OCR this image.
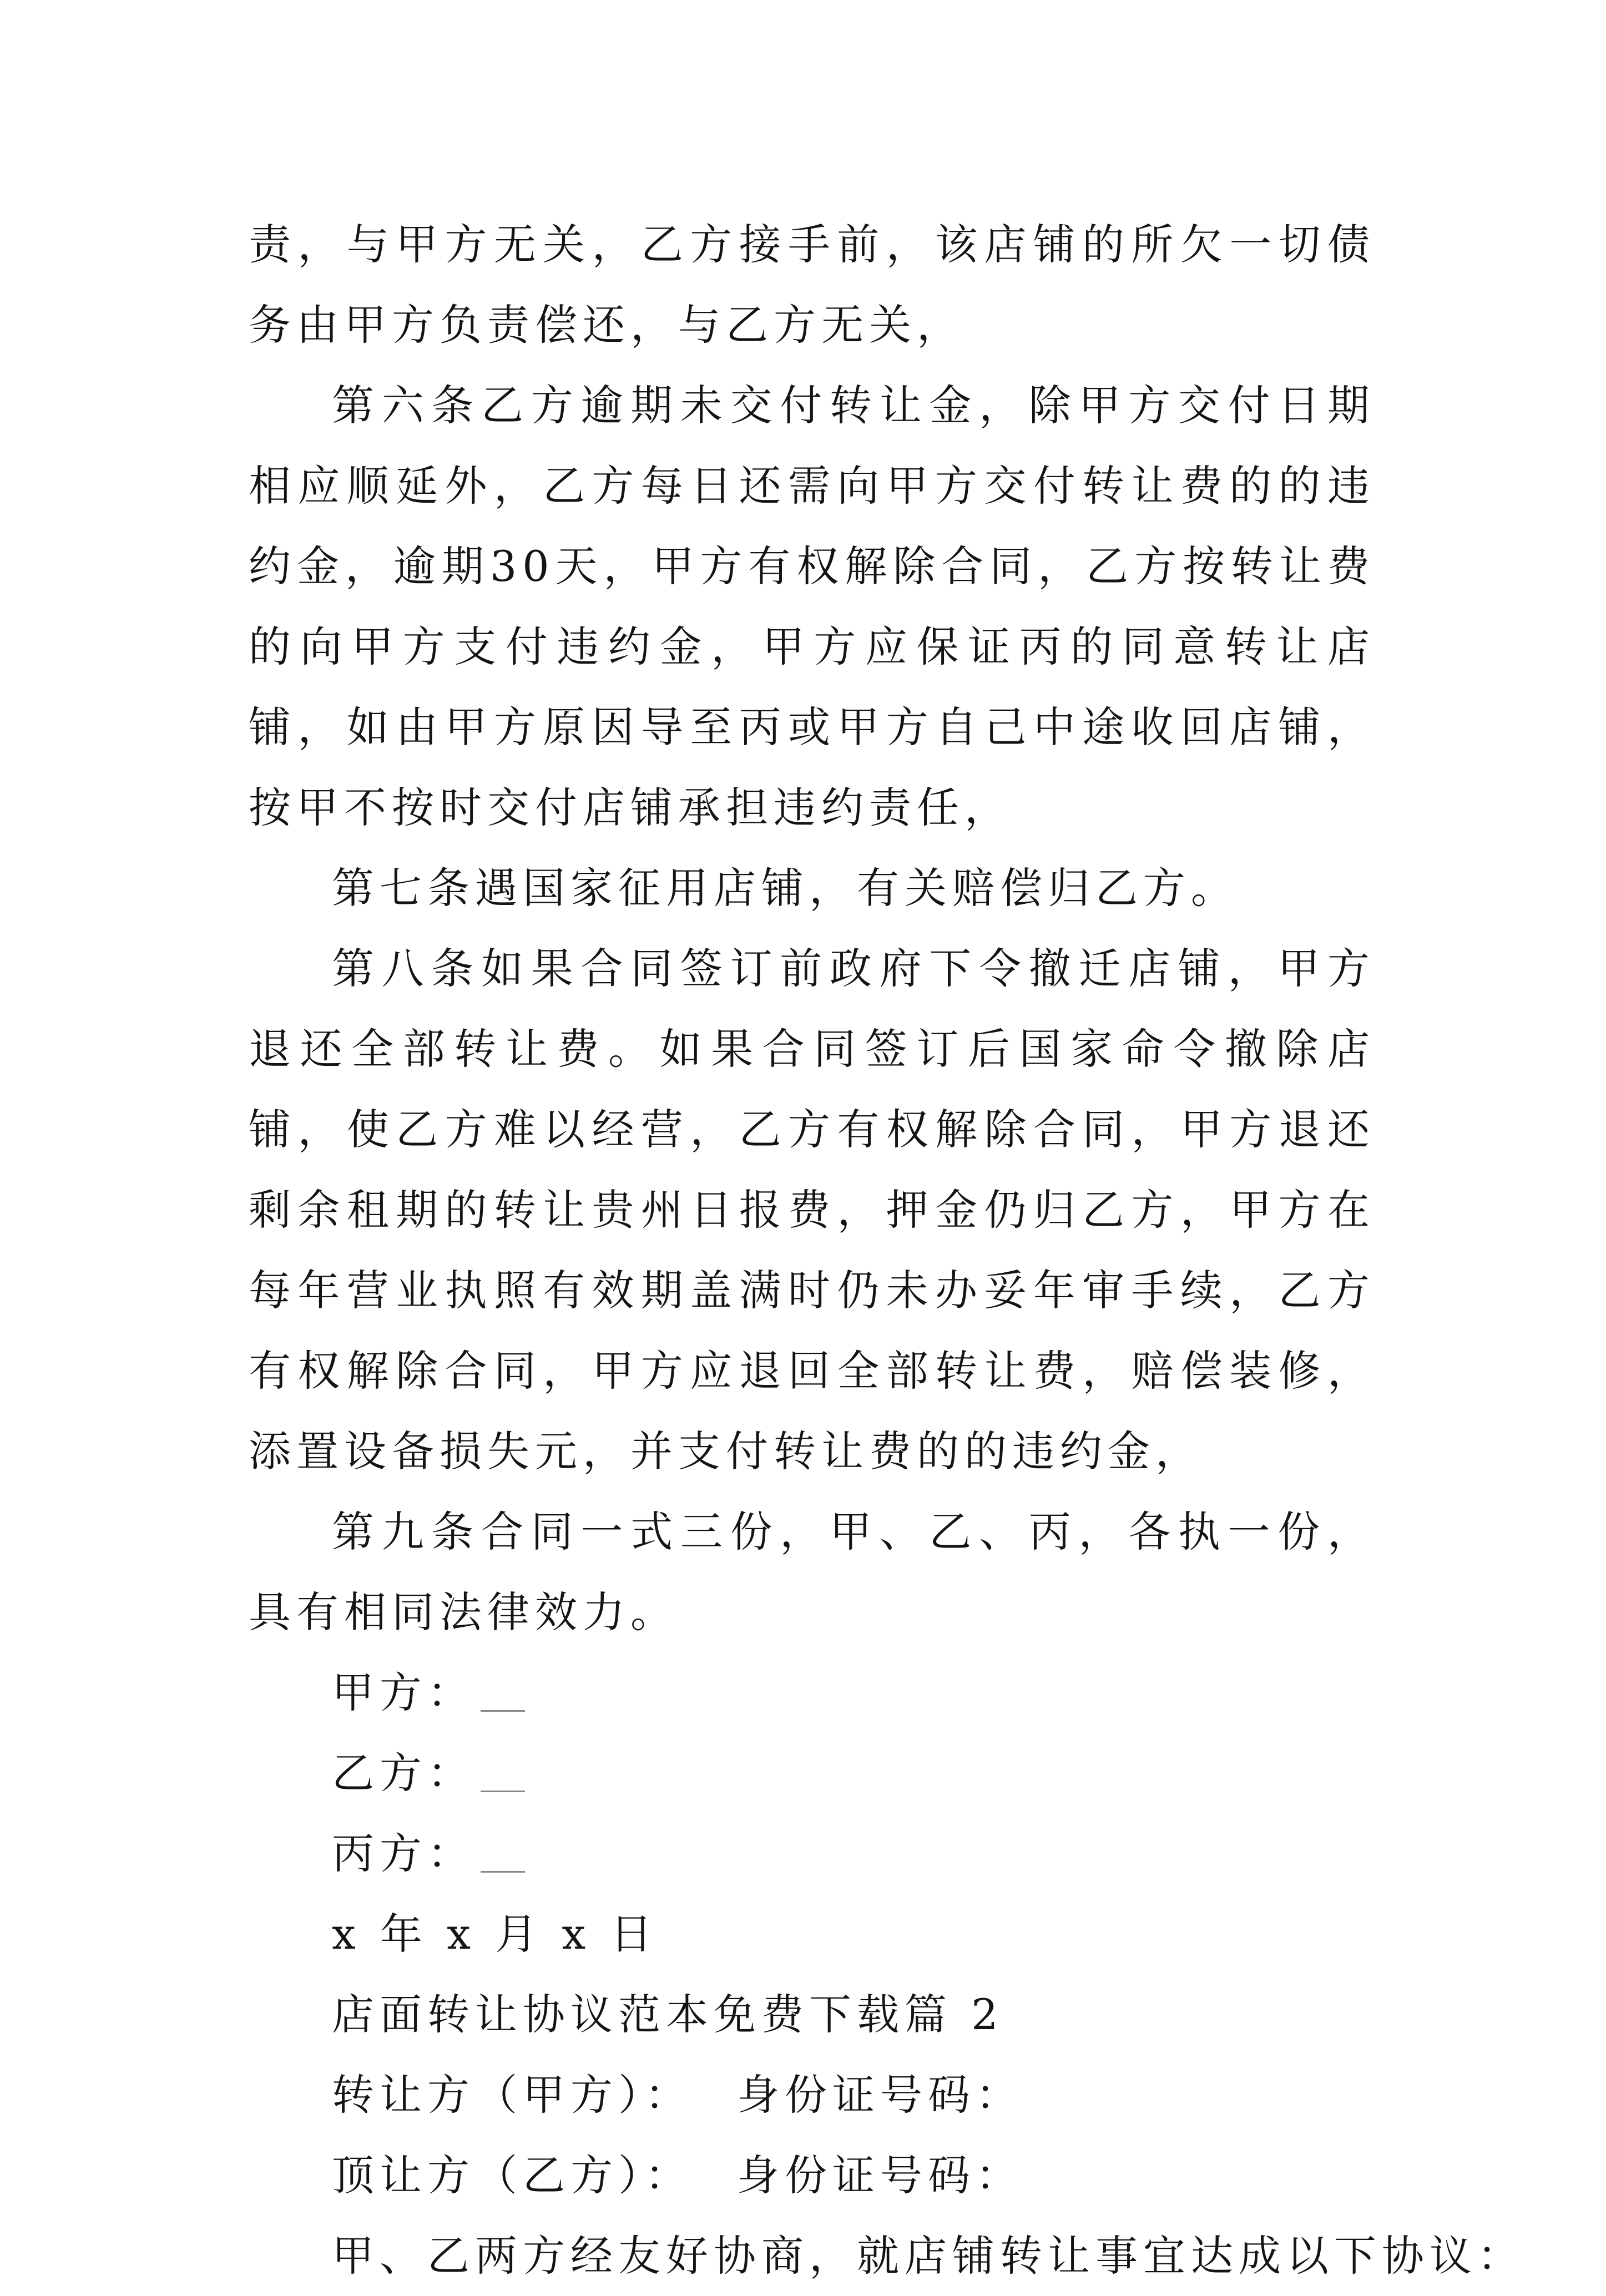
责，与甲方无关，乙方接手前，该店铺的所欠一切债务由甲方负责偿还，与乙方无关，

第六条乙方逾期未交付转让金，除甲方交付日期相应顺延外，乙方每日还需向甲方交付转让费的的违约金，逾期30天，甲方有权解除合同，乙方按转让费的向甲方支付违约金，甲方应保证丙的同意转让店铺，如由甲方原因导至丙或甲方自己中途收回店铺，按甲不按时交付店铺承担违约责任，

第七条遇国家征用店铺，有关赔偿归乙方。

第八条如果合同签订前政府下令撤迁店铺，甲方退还全部转让费。如果合同签订后国家命令撤除店铺，使乙方难以经营，乙方有权解除合同，甲方退还剩余租期的转让贵州日报费，押金仍归乙方，甲方在每年营业执照有效期盖满时仍未办妥年审手续，乙方有权解除合同，甲方应退回全部转让费，赔偿装修，添置设备损失元，并支付转让费的的违约金，

第九条合同一式三份，甲、乙、丙，各执一份，具有相同法律效力。

甲方：

乙方：

丙方：

x 年 x 月 x 日

店面转让协议范本免费下载篇 2

转让方（甲方）： 身份证号码：

顶让方（乙方）： 身份证号码：

甲、乙两方经友好协商，就店铺转让事宜达成以下协议：
